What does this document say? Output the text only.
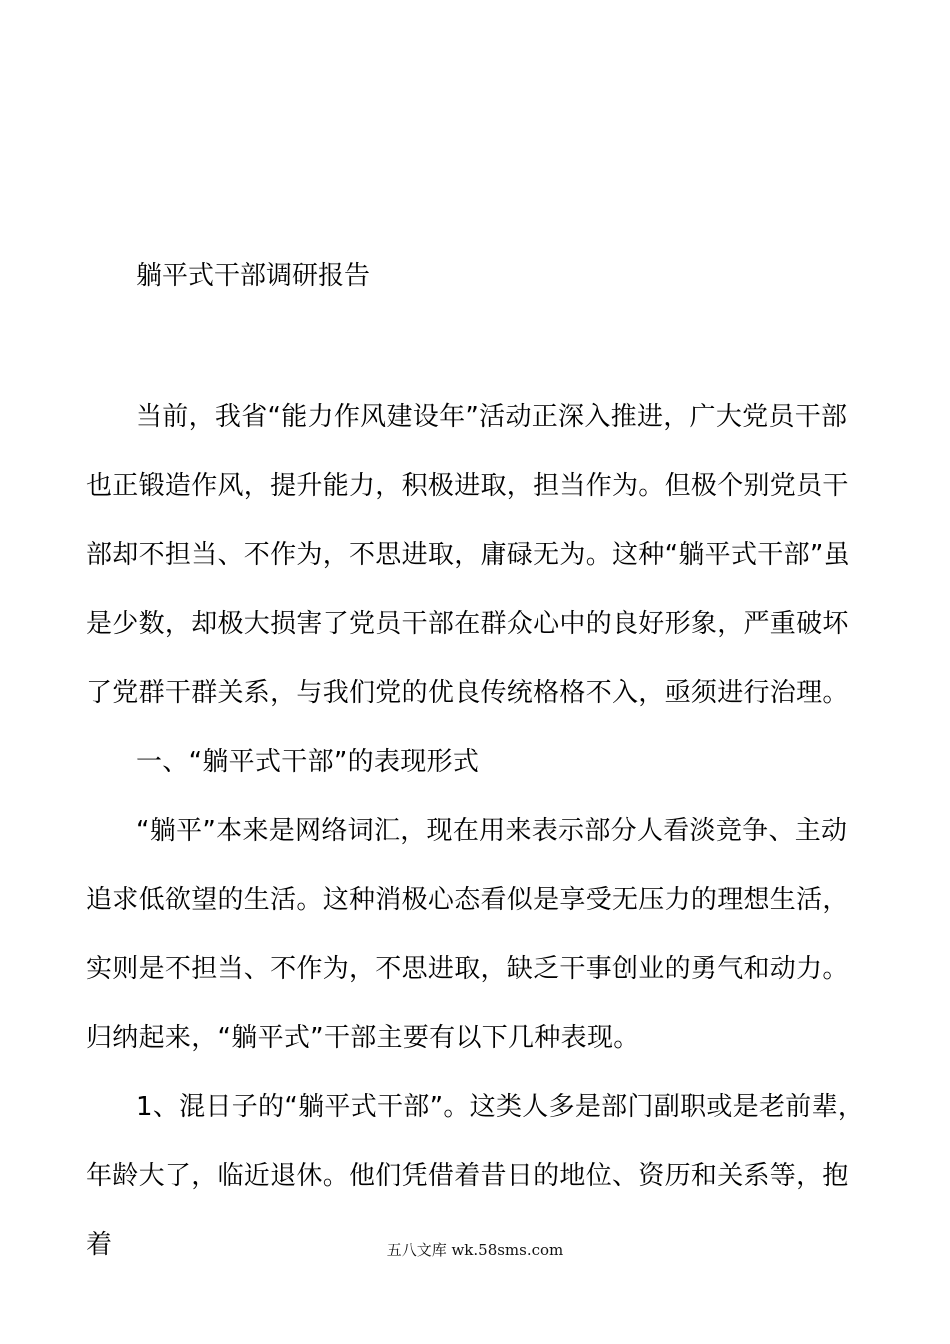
躺平式干部调研报告

当前，我省“能力作风建设年”活动正深入推进，广大党员干部也正锻造作风，提升能力，积极进取，担当作为。但极个别党员干部却不担当、不作为，不思进取，庸碌无为。这种“躺平式干部”虽是少数，却极大损害了党员干部在群众心中的良好形象，严重破坏了党群干群关系，与我们党的优良传统格格不入，亟须进行治理。

一、“躺平式干部”的表现形式

“躺平”本来是网络词汇，现在用来表示部分人看淡竞争、主动追求低欲望的生活。这种消极心态看似是享受无压力的理想生活，实则是不担当、不作为，不思进取，缺乏干事创业的勇气和动力。归纳起来，“躺平式”干部主要有以下几种表现。

1、混日子的“躺平式干部”。这类人多是部门副职或是老前辈，年龄大了，临近退休。他们凭借着昔日的地位、资历和关系等，抱着	五八文库 wk.58sms.com
